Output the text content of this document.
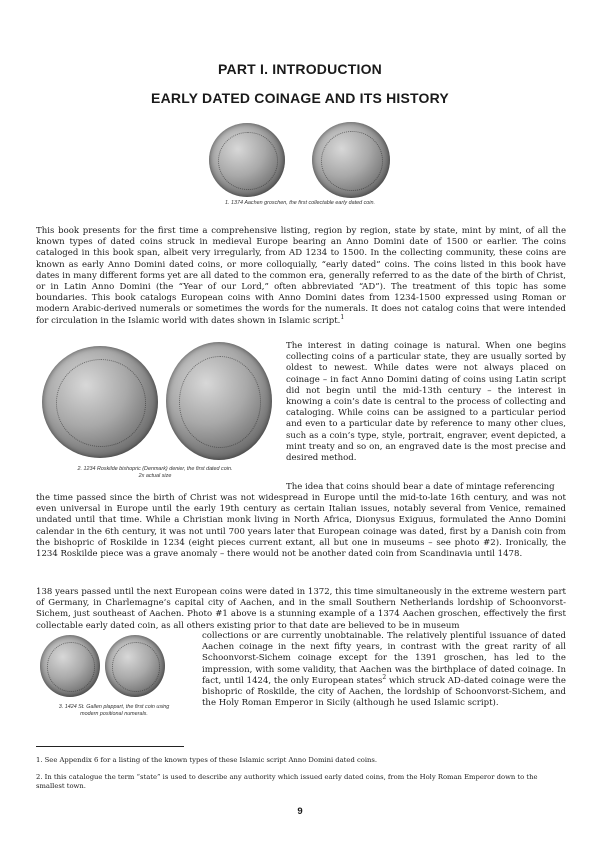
PART I. INTRODUCTION
EARLY DATED COINAGE AND ITS HISTORY
1. 1374 Aachen groschen, the first collectable early dated coin.

This book presents for the first time a comprehensive listing, region by region, state by state, mint by mint, of all the known types of dated coins struck in medieval Europe bearing an Anno Domini date of 1500 or earlier. The coins cataloged in this book span, albeit very irregularly, from AD 1234 to 1500. In the collecting community, these coins are known as early Anno Domini dated coins, or more colloquially, “early dated” coins. The coins listed in this book have dates in many different forms yet are all dated to the common era, generally referred to as the date of the birth of Christ, or in Latin Anno Domini (the “Year of our Lord,” often abbreviated “AD”). The treatment of this topic has some boundaries. This book catalogs European coins with Anno Domini dates from 1234-1500 expressed using Roman or modern Arabic-derived numerals or sometimes the words for the numerals. It does not catalog coins that were intended for circulation in the Islamic world with dates shown in Islamic script.$^1$

2. 1234 Roskilde bishopric (Denmark) denier, the first dated coin.
2x actual size

The interest in dating coinage is natural. When one begins collecting coins of a particular state, they are usually sorted by oldest to newest. While dates were not always placed on coinage – in fact Anno Domini dating of coins using Latin script did not begin until the mid-13th century – the interest in knowing a coin’s date is central to the process of collecting and cataloging. While coins can be assigned to a particular period and even to a particular date by reference to many other clues, such as a coin’s type, style, portrait, engraver, event depicted, a mint treaty and so on, an engraved date is the most precise and desired method.

The idea that coins should bear a date of mintage referencing

the time passed since the birth of Christ was not widespread in Europe until the mid-to-late 16th century, and was not even universal in Europe until the early 19th century as certain Italian issues, notably several from Venice, remained undated until that time. While a Christian monk living in North Africa, Dionysus Exiguus, formulated the Anno Domini calendar in the 6th century, it was not until 700 years later that European coinage was dated, first by a Danish coin from the bishopric of Roskilde in 1234 (eight pieces current extant, all but one in museums – see photo #2). Ironically, the 1234 Roskilde piece was a grave anomaly – there would not be another dated coin from Scandinavia until 1478.

138 years passed until the next European coins were dated in 1372, this time simultaneously in the extreme western part of Germany, in Charlemagne’s capital city of Aachen, and in the small Southern Netherlands lordship of Schoonvorst-Sichem, just southeast of Aachen. Photo #1 above is a stunning example of a 1374 Aachen groschen, effectively the first collectable early dated coin, as all others existing prior to that date are believed to be in museum

3. 1424 St. Gallen plappart, the first coin using
modern positional numerals.

collections or are currently unobtainable. The relatively plentiful issuance of dated Aachen coinage in the next fifty years, in contrast with the great rarity of all Schoonvorst-Sichem coinage except for the 1391 groschen, has led to the impression, with some validity, that Aachen was the birthplace of dated coinage. In fact, until 1424, the only European states$^2$ which struck AD-dated coinage were the bishopric of Roskilde, the city of Aachen, the lordship of Schoonvorst-Sichem, and the Holy Roman Emperor in Sicily (although he used Islamic script).

1. See Appendix 6 for a listing of the known types of these Islamic script Anno Domini dated coins.

2. In this catalogue the term “state” is used to describe any authority which issued early dated coins, from the Holy Roman Emperor down to the smallest town.

9
